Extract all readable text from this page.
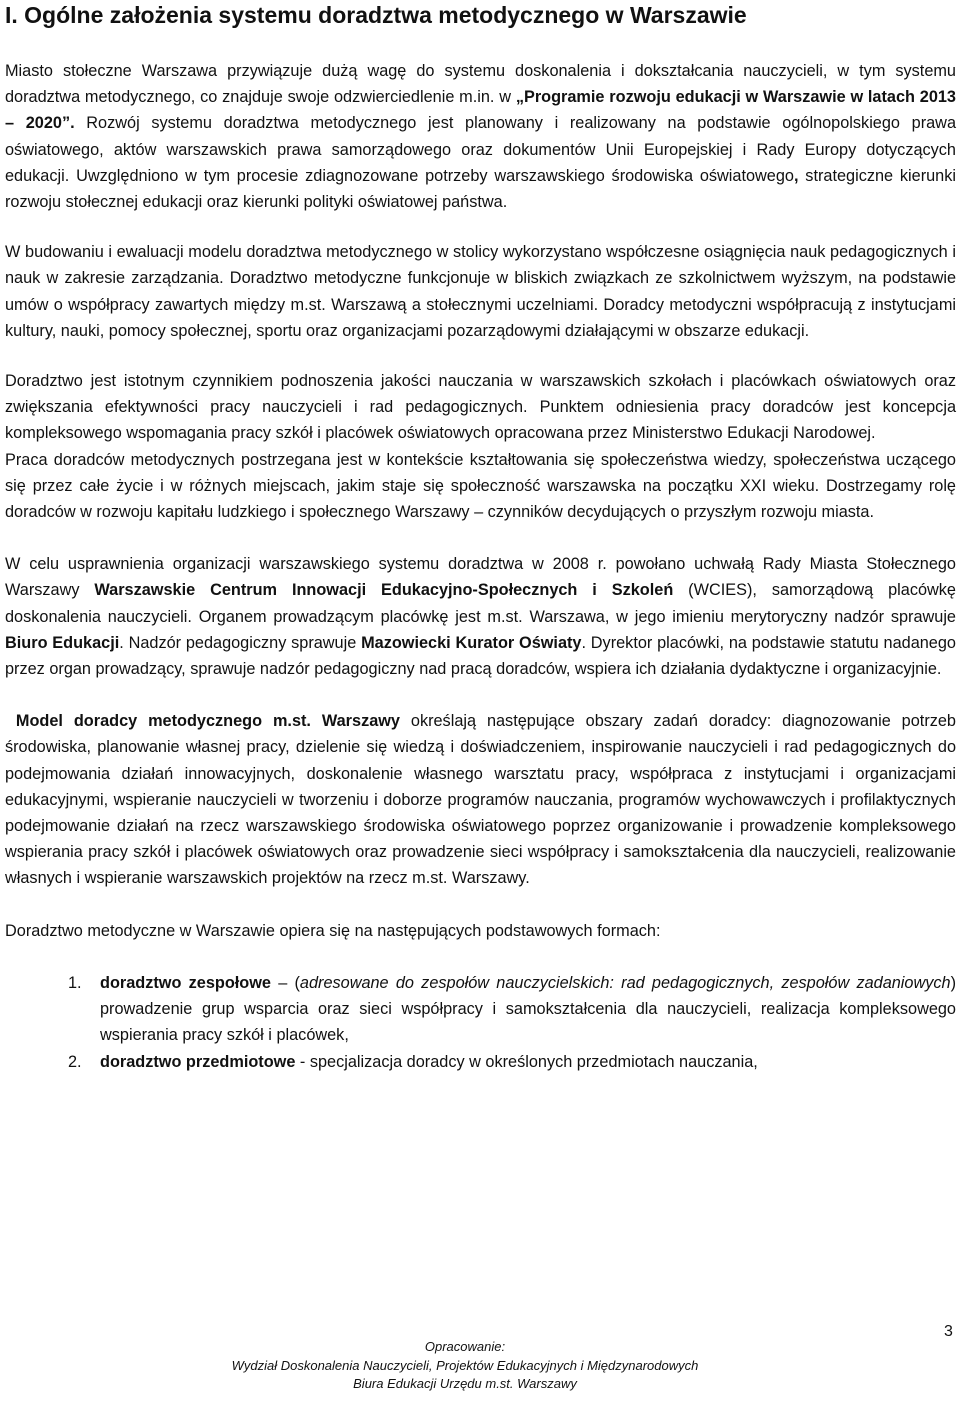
I. Ogólne założenia systemu doradztwa metodycznego w Warszawie

Miasto stołeczne Warszawa przywiązuje dużą wagę do systemu doskonalenia i dokształcania nauczycieli, w tym systemu doradztwa metodycznego, co znajduje swoje odzwierciedlenie m.in. w „Programie rozwoju edukacji w Warszawie w latach 2013 – 2020”. Rozwój systemu doradztwa metodycznego jest planowany i realizowany na podstawie ogólnopolskiego prawa oświatowego, aktów warszawskich prawa samorządowego oraz dokumentów Unii Europejskiej i Rady Europy dotyczących edukacji. Uwzględniono w tym procesie zdiagnozowane potrzeby warszawskiego środowiska oświatowego, strategiczne kierunki rozwoju stołecznej edukacji oraz kierunki polityki oświatowej państwa.

W budowaniu i ewaluacji modelu doradztwa metodycznego w stolicy wykorzystano współczesne osiągnięcia nauk pedagogicznych i nauk w zakresie zarządzania. Doradztwo metodyczne funkcjonuje w bliskich związkach ze szkolnictwem wyższym, na podstawie umów o współpracy zawartych między m.st. Warszawą a stołecznymi uczelniami. Doradcy metodyczni współpracują z instytucjami kultury, nauki, pomocy społecznej, sportu oraz organizacjami pozarządowymi działającymi w obszarze edukacji.

Doradztwo jest istotnym czynnikiem podnoszenia jakości nauczania w warszawskich szkołach i placówkach oświatowych oraz zwiększania efektywności pracy nauczycieli i rad pedagogicznych. Punktem odniesienia pracy doradców jest koncepcja kompleksowego wspomagania pracy szkół i placówek oświatowych opracowana przez Ministerstwo Edukacji Narodowej.

Praca doradców metodycznych postrzegana jest w kontekście kształtowania się społeczeństwa wiedzy, społeczeństwa uczącego się przez całe życie i w różnych miejscach, jakim staje się społeczność warszawska na początku XXI wieku. Dostrzegamy rolę doradców w rozwoju kapitału ludzkiego i społecznego Warszawy – czynników decydujących o przyszłym rozwoju miasta.

W celu usprawnienia organizacji warszawskiego systemu doradztwa w 2008 r. powołano uchwałą Rady Miasta Stołecznego Warszawy Warszawskie Centrum Innowacji Edukacyjno-Społecznych i Szkoleń (WCIES), samorządową placówkę doskonalenia nauczycieli. Organem prowadzącym placówkę jest m.st. Warszawa, w jego imieniu merytoryczny nadzór sprawuje Biuro Edukacji. Nadzór pedagogiczny sprawuje Mazowiecki Kurator Oświaty. Dyrektor placówki, na podstawie statutu nadanego przez organ prowadzący, sprawuje nadzór pedagogiczny nad pracą doradców, wspiera ich działania dydaktyczne i organizacyjnie.

Model doradcy metodycznego m.st. Warszawy określają następujące obszary zadań doradcy: diagnozowanie potrzeb środowiska, planowanie własnej pracy, dzielenie się wiedzą i doświadczeniem, inspirowanie nauczycieli i rad pedagogicznych do podejmowania działań innowacyjnych, doskonalenie własnego warsztatu pracy, współpraca z instytucjami i organizacjami edukacyjnymi, wspieranie nauczycieli w tworzeniu i doborze programów nauczania, programów wychowawczych i profilaktycznych podejmowanie działań na rzecz warszawskiego środowiska oświatowego poprzez organizowanie i prowadzenie kompleksowego wspierania pracy szkół i placówek oświatowych oraz prowadzenie sieci współpracy i samokształcenia dla nauczycieli, realizowanie własnych i wspieranie warszawskich projektów na rzecz m.st. Warszawy.

Doradztwo metodyczne w Warszawie opiera się na następujących podstawowych formach:

1. doradztwo zespołowe – (adresowane do zespołów nauczycielskich: rad pedagogicznych, zespołów zadaniowych) prowadzenie grup wsparcia oraz sieci współpracy i samokształcenia dla nauczycieli, realizacja kompleksowego wspierania pracy szkół i placówek,
2. doradztwo przedmiotowe - specjalizacja doradcy w określonych przedmiotach nauczania,
3
Opracowanie:
Wydział Doskonalenia Nauczycieli, Projektów Edukacyjnych i Międzynarodowych
Biura Edukacji Urzędu m.st. Warszawy
